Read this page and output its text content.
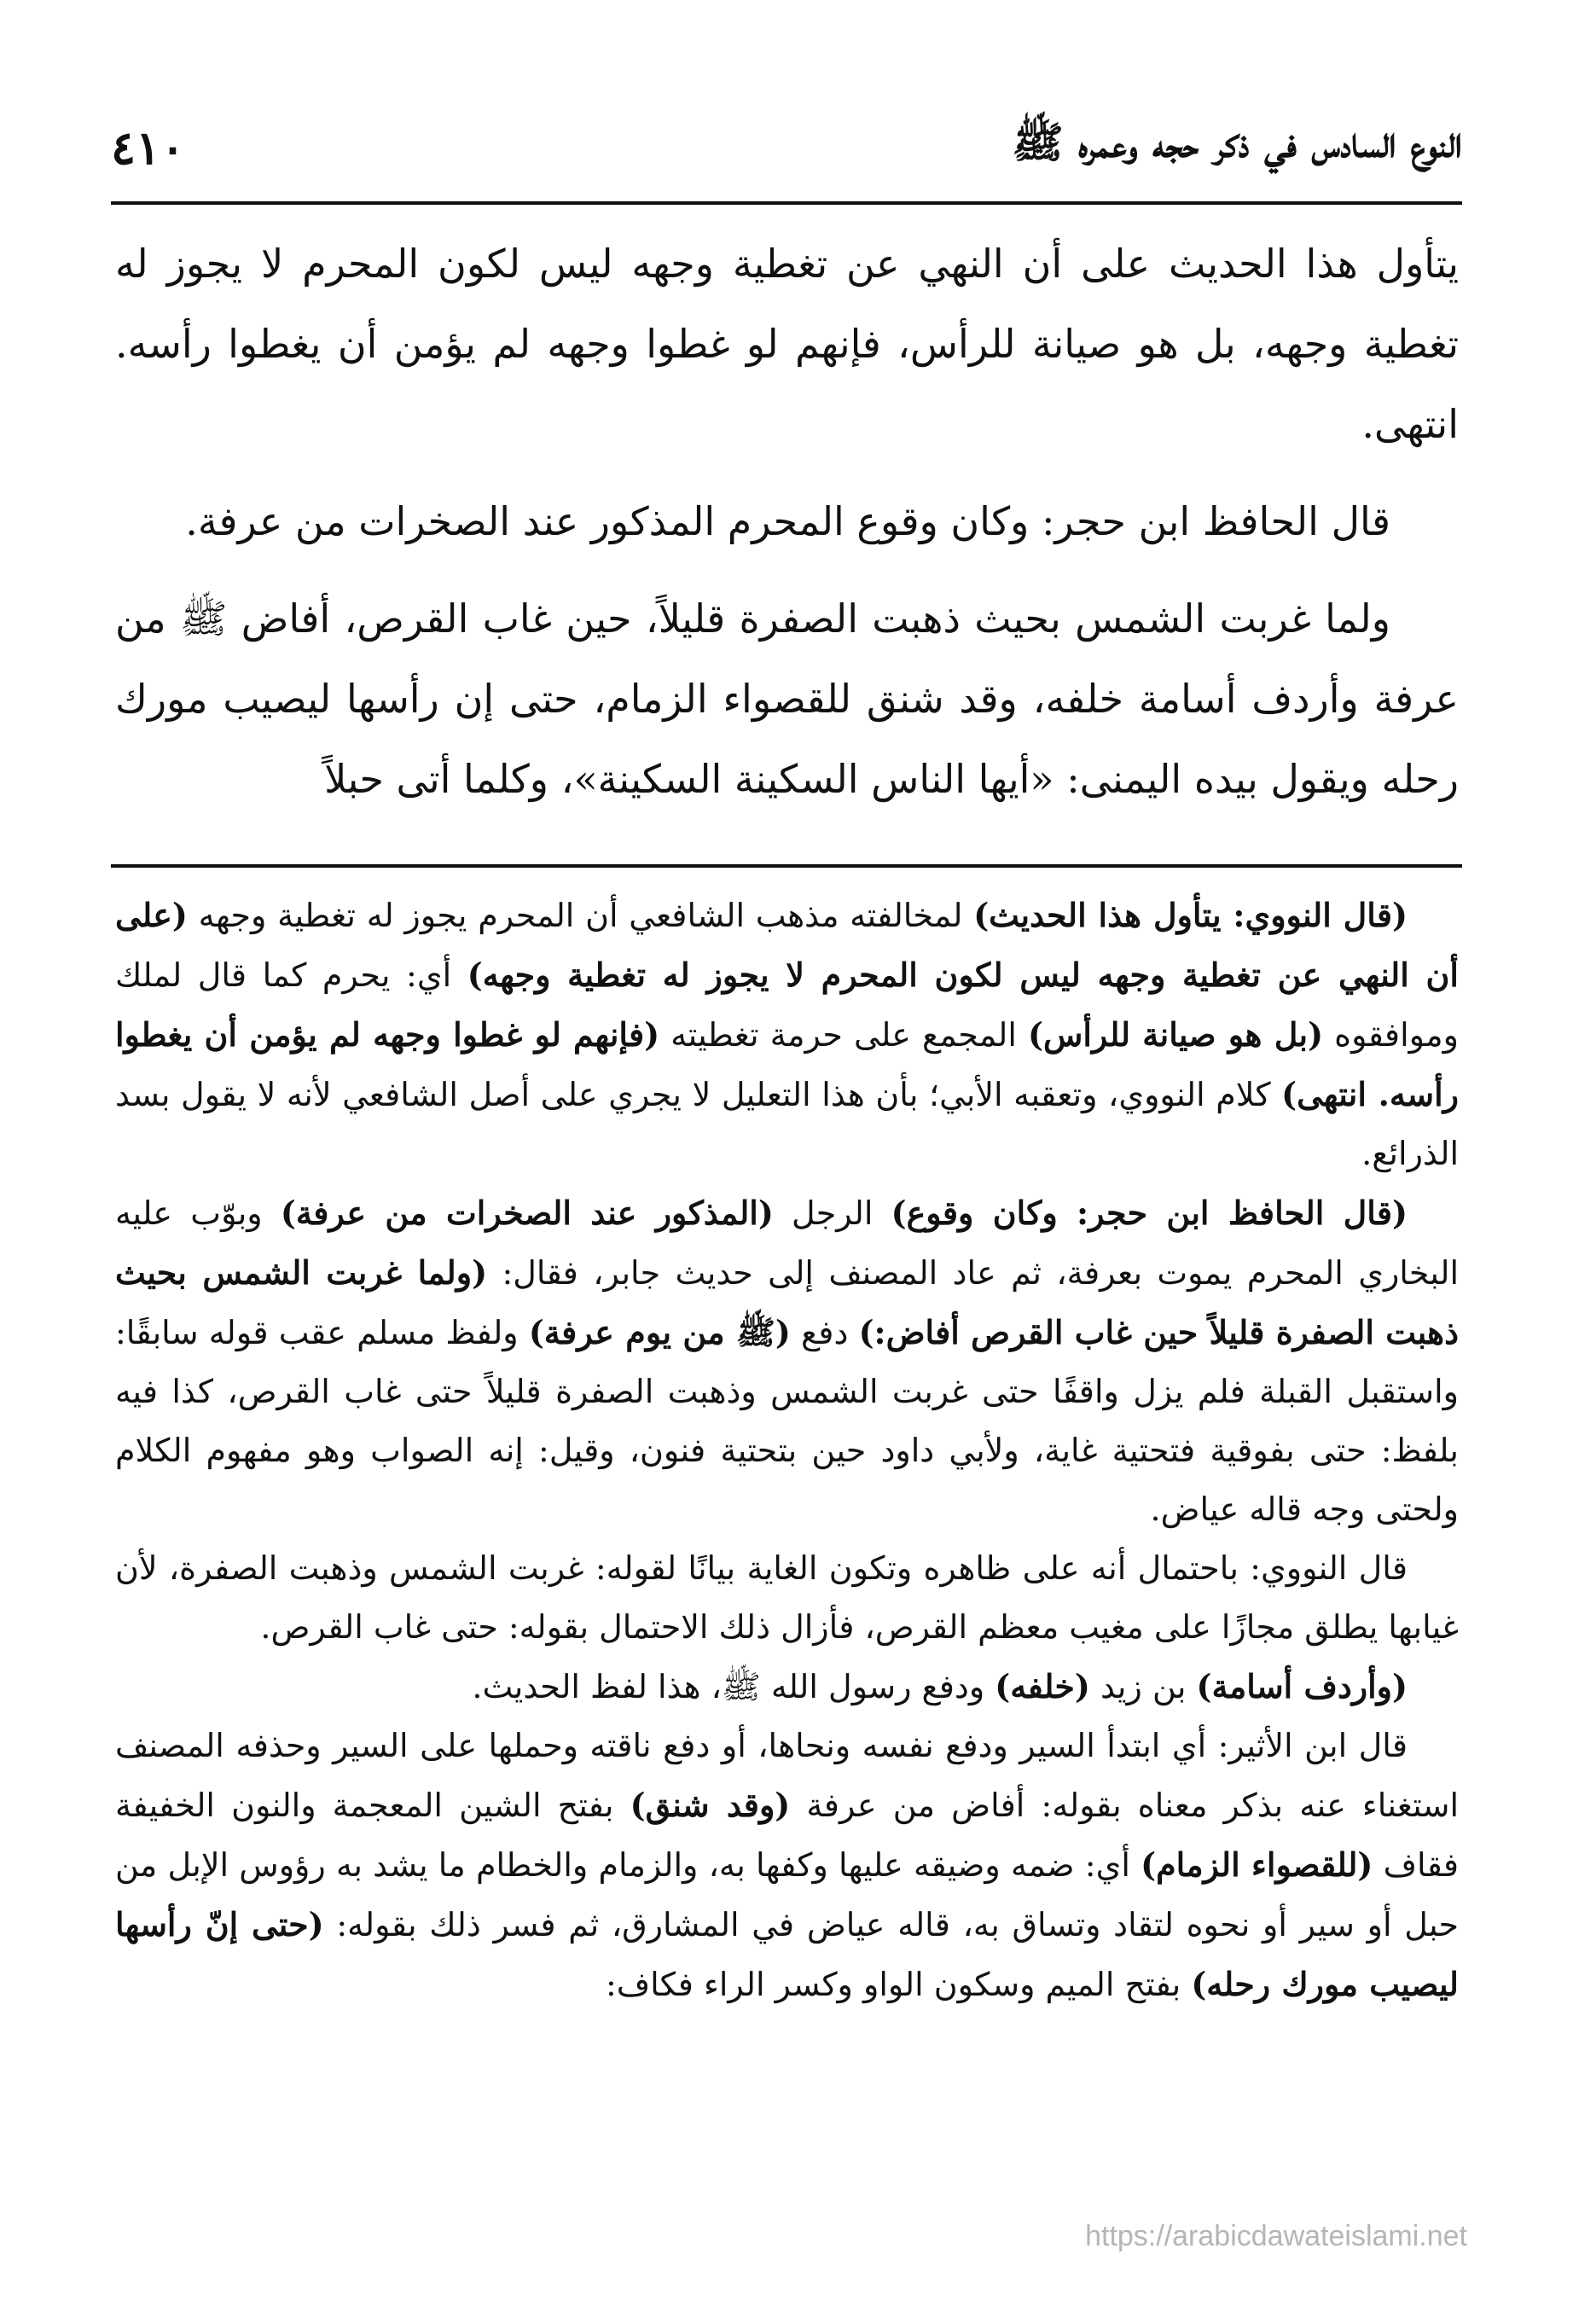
٤١٠	النوع السادس في ذكر حجه وعمره ﷺ

يتأول هذا الحديث على أن النهي عن تغطية وجهه ليس لكون المحرم لا يجوز له تغطية وجهه، بل هو صيانة للرأس، فإنهم لو غطوا وجهه لم يؤمن أن يغطوا رأسه. انتهى.

قال الحافظ ابن حجر: وكان وقوع المحرم المذكور عند الصخرات من عرفة.

ولما غربت الشمس بحيث ذهبت الصفرة قليلاً، حين غاب القرص، أفاض ﷺ من عرفة وأردف أسامة خلفه، وقد شنق للقصواء الزمام، حتى إن رأسها ليصيب مورك رحله ويقول بيده اليمنى: «أيها الناس السكينة السكينة»، وكلما أتى حبلاً

(قال النووي: يتأول هذا الحديث) لمخالفته مذهب الشافعي أن المحرم يجوز له تغطية وجهه (على أن النهي عن تغطية وجهه ليس لكون المحرم لا يجوز له تغطية وجهه) أي: يحرم كما قال لملك وموافقوه (بل هو صيانة للرأس) المجمع على حرمة تغطيته (فإنهم لو غطوا وجهه لم يؤمن أن يغطوا رأسه. انتهى) كلام النووي، وتعقبه الأبي؛ بأن هذا التعليل لا يجري على أصل الشافعي لأنه لا يقول بسد الذرائع.

(قال الحافظ ابن حجر: وكان وقوع) الرجل (المذكور عند الصخرات من عرفة) وبوّب عليه البخاري المحرم يموت بعرفة، ثم عاد المصنف إلى حديث جابر، فقال: (ولما غربت الشمس بحيث ذهبت الصفرة قليلاً حين غاب القرص أفاض:) دفع (ﷺ من يوم عرفة) ولفظ مسلم عقب قوله سابقًا: واستقبل القبلة فلم يزل واقفًا حتى غربت الشمس وذهبت الصفرة قليلاً حتى غاب القرص، كذا فيه بلفظ: حتى بفوقية فتحتية غاية، ولأبي داود حين بتحتية فنون، وقيل: إنه الصواب وهو مفهوم الكلام ولحتى وجه قاله عياض.

قال النووي: باحتمال أنه على ظاهره وتكون الغاية بيانًا لقوله: غربت الشمس وذهبت الصفرة، لأن غيابها يطلق مجازًا على مغيب معظم القرص، فأزال ذلك الاحتمال بقوله: حتى غاب القرص.

(وأردف أسامة) بن زيد (خلفه) ودفع رسول الله ﷺ، هذا لفظ الحديث.

قال ابن الأثير: أي ابتدأ السير ودفع نفسه ونحاها، أو دفع ناقته وحملها على السير وحذفه المصنف استغناء عنه بذكر معناه بقوله: أفاض من عرفة (وقد شنق) بفتح الشين المعجمة والنون الخفيفة فقاف (للقصواء الزمام) أي: ضمه وضيقه عليها وكفها به، والزمام والخطام ما يشد به رؤوس الإبل من حبل أو سير أو نحوه لتقاد وتساق به، قاله عياض في المشارق، ثم فسر ذلك بقوله: (حتى إنّ رأسها ليصيب مورك رحله) بفتح الميم وسكون الواو وكسر الراء فكاف:

https://arabicdawateislami.net
